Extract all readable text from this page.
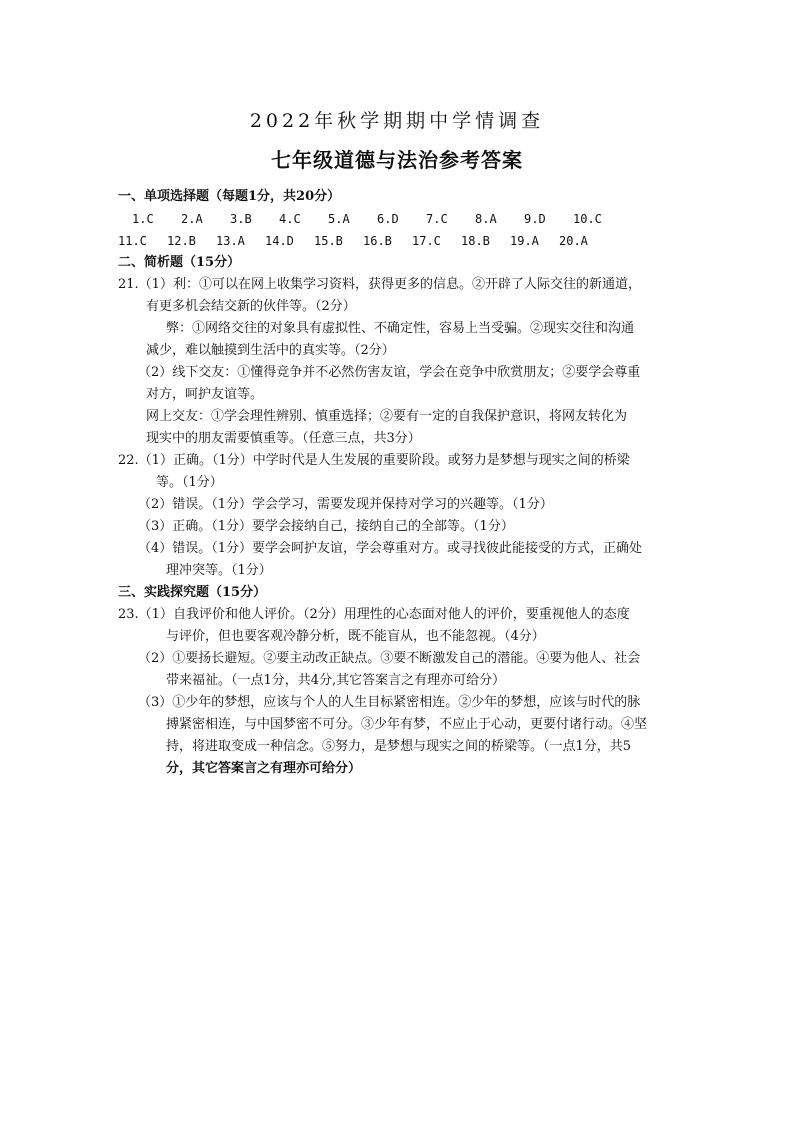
2022年秋学期期中学情调查
七年级道德与法治参考答案
一、单项选择题（每题1分，共20分）
1.C	2.A	3.B	4.C	5.A	6.D	7.C	8.A	9.D	10.C
11.C	12.B	13.A	14.D	15.B	16.B	17.C	18.B	19.A	20.A
二、简析题（15分）
21.（1）利：①可以在网上收集学习资料，获得更多的信息。②开辟了人际交往的新通道，
有更多机会结交新的伙伴等。（2分）
弊：①网络交往的对象具有虚拟性、不确定性，容易上当受骗。②现实交往和沟通
减少，难以触摸到生活中的真实等。（2分）
（2）线下交友：①懂得竞争并不必然伤害友谊，学会在竞争中欣赏朋友；②要学会尊重
对方，呵护友谊等。
网上交友：①学会理性辨别、慎重选择；②要有一定的自我保护意识，将网友转化为
现实中的朋友需要慎重等。（任意三点，共3分）
22.（1）正确。（1分）中学时代是人生发展的重要阶段。或努力是梦想与现实之间的桥梁
等。（1分）
（2）错误。（1分）学会学习，需要发现并保持对学习的兴趣等。（1分）
（3）正确。（1分）要学会接纳自己，接纳自己的全部等。（1分）
（4）错误。（1分）要学会呵护友谊，学会尊重对方。或寻找彼此能接受的方式，正确处
理冲突等。（1分）
三、实践探究题（15分）
23.（1）自我评价和他人评价。（2分）用理性的心态面对他人的评价，要重视他人的态度
与评价，但也要客观冷静分析，既不能盲从，也不能忽视。（4分）
（2）①要扬长避短。②要主动改正缺点。③要不断激发自己的潜能。④要为他人、社会
带来福祉。（一点1分，共4分,其它答案言之有理亦可给分）
（3）①少年的梦想，应该与个人的人生目标紧密相连。②少年的梦想，应该与时代的脉
搏紧密相连，与中国梦密不可分。③少年有梦，不应止于心动，更要付诸行动。④坚
持，将进取变成一种信念。⑤努力，是梦想与现实之间的桥梁等。（一点1分，共5
分，其它答案言之有理亦可给分）
